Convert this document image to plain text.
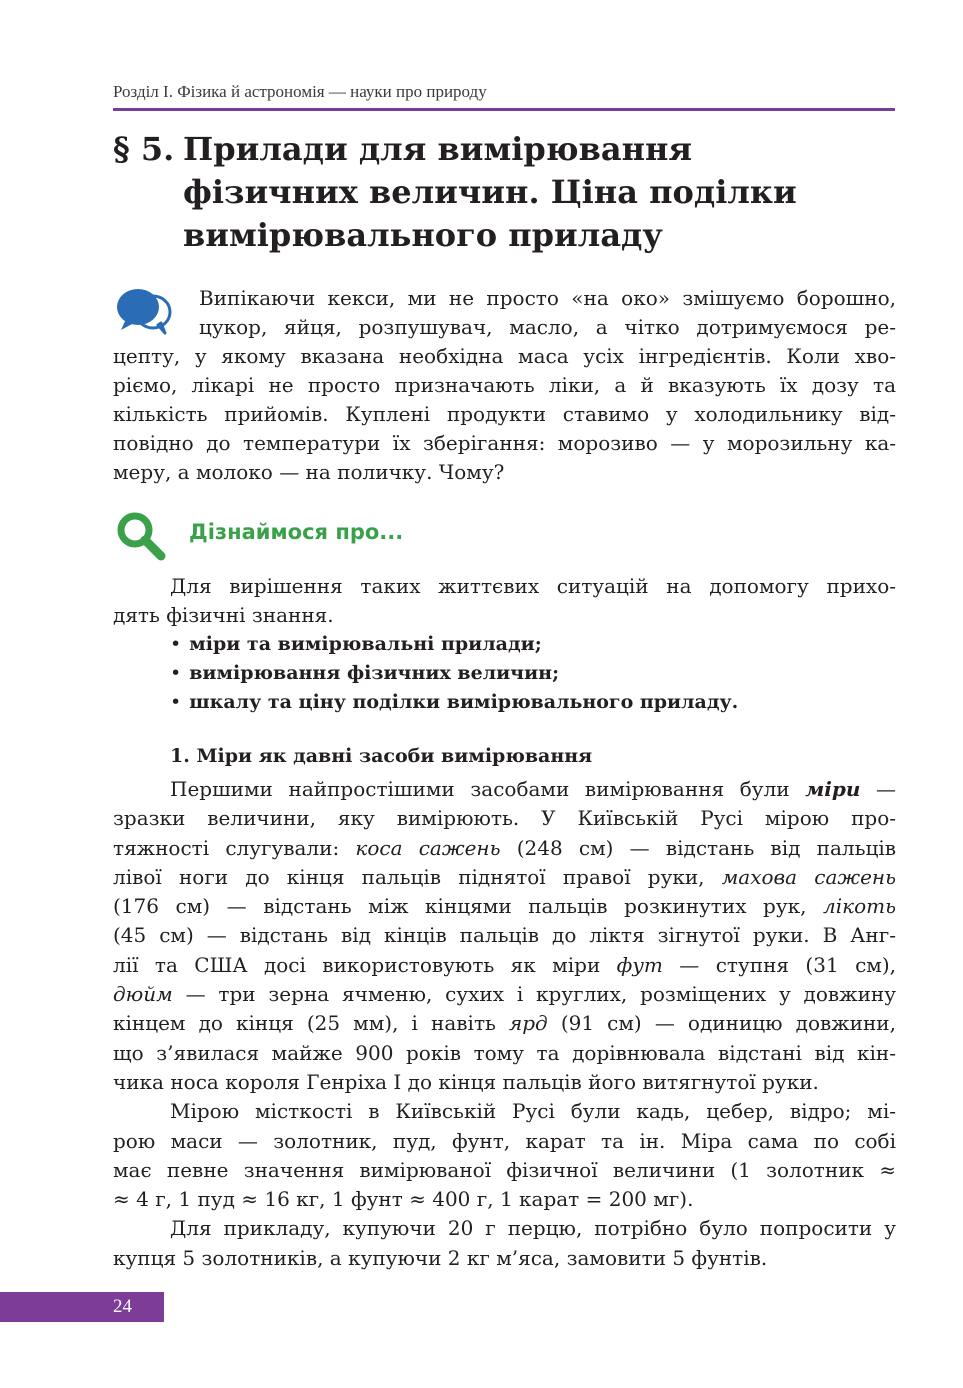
Розділ I. Фізика й астрономія — науки про природу
§ 5. Прилади для вимірювання
фізичних величин. Ціна поділки
вимірювального приладу
Випікаючи кекси, ми не просто «на око» змішуємо борошно,
цукор, яйця, розпушувач, масло, а чітко дотримуємося ре-
цепту, у якому вказана необхідна маса усіх інгредієнтів. Коли хво-
ріємо, лікарі не просто призначають ліки, а й вказують їх дозу та
кількість прийомів. Куплені продукти ставимо у холодильнику від-
повідно до температури їх зберігання: морозиво — у морозильну ка-
меру, а молоко — на поличку. Чому?
Дізнаймося про...
Для вирішення таких життєвих ситуацій на допомогу прихо-
дять фізичні знання.
• міри та вимірювальні прилади;
• вимірювання фізичних величин;
• шкалу та ціну поділки вимірювального приладу.
1. Міри як давні засоби вимірювання
Першими найпростішими засобами вимірювання були міри —
зразки величини, яку вимірюють. У Київській Русі мірою про-
тяжності слугували: коса сажень (248 см) — відстань від пальців
лівої ноги до кінця пальців піднятої правої руки, махова сажень
(176 см) — відстань між кінцями пальців розкинутих рук, лікоть
(45 см) — відстань від кінців пальців до ліктя зігнутої руки. В Анг-
лії та США досі використовують як міри фут — ступня (31 см),
дюйм — три зерна ячменю, сухих і круглих, розміщених у довжину
кінцем до кінця (25 мм), і навіть ярд (91 см) — одиницю довжини,
що з’явилася майже 900 років тому та дорівнювала відстані від кін-
чика носа короля Генріха I до кінця пальців його витягнутої руки.
Мірою місткості в Київській Русі були кадь, цебер, відро; мі-
рою маси — золотник, пуд, фунт, карат та ін. Міра сама по собі
має певне значення вимірюваної фізичної величини (1 золотник ≈
≈ 4 г, 1 пуд ≈ 16 кг, 1 фунт ≈ 400 г, 1 карат = 200 мг).
Для прикладу, купуючи 20 г перцю, потрібно було попросити у
купця 5 золотників, а купуючи 2 кг м’яса, замовити 5 фунтів.
24
